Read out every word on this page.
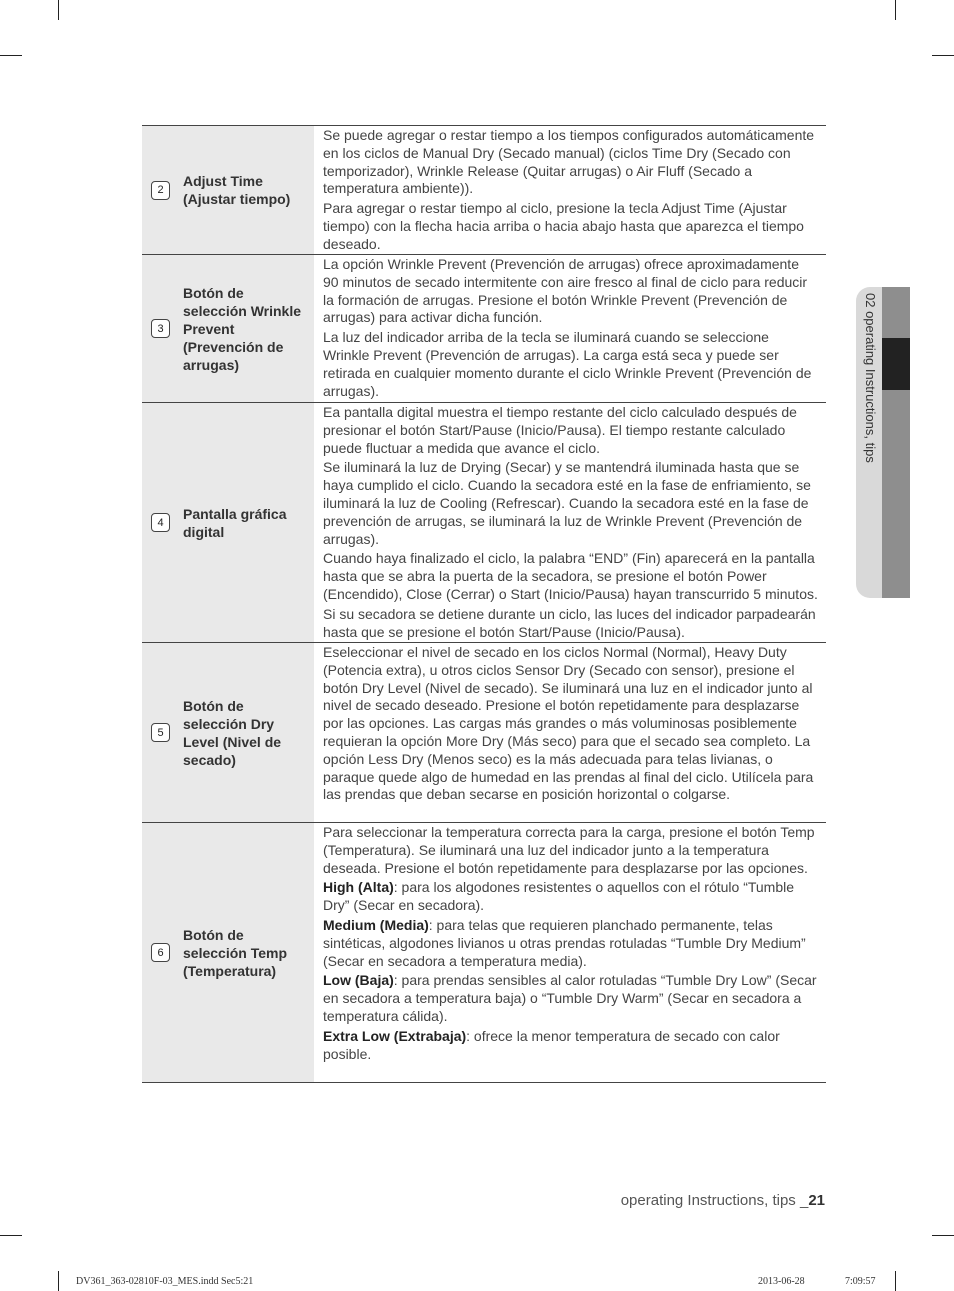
2
Adjust Time (Ajustar tiempo)

Se puede agregar o restar tiempo a los tiempos configurados automáticamente en los ciclos de Manual Dry (Secado manual) (ciclos Time Dry (Secado con temporizador), Wrinkle Release (Quitar arrugas) o Air Fluff (Secado a temperatura ambiente)).

Para agregar o restar tiempo al ciclo, presione la tecla Adjust Time (Ajustar tiempo) con la flecha hacia arriba o hacia abajo hasta que aparezca el tiempo deseado.

3
Botón de selección Wrinkle Prevent (Prevención de arrugas)

La opción Wrinkle Prevent (Prevención de arrugas) ofrece aproximadamente 90 minutos de secado intermitente con aire fresco al final de ciclo para reducir la formación de arrugas. Presione el botón Wrinkle Prevent (Prevención de arrugas) para activar dicha función.

La luz del indicador arriba de la tecla se iluminará cuando se seleccione Wrinkle Prevent (Prevención de arrugas). La carga está seca y puede ser retirada en cualquier momento durante el ciclo Wrinkle Prevent (Prevención de arrugas).

4
Pantalla gráfica digital

Ea pantalla digital muestra el tiempo restante del ciclo calculado después de presionar el botón Start/Pause (Inicio/Pausa). El tiempo restante calculado puede fluctuar a medida que avance el ciclo.

Se iluminará la luz de Drying (Secar) y se mantendrá iluminada hasta que se haya cumplido el ciclo. Cuando la secadora esté en la fase de enfriamiento, se iluminará la luz de Cooling (Refrescar). Cuando la secadora esté en la fase de prevención de arrugas, se iluminará la luz de Wrinkle Prevent (Prevención de arrugas).

Cuando haya finalizado el ciclo, la palabra “END” (Fin) aparecerá en la pantalla hasta que se abra la puerta de la secadora, se presione el botón Power (Encendido), Close (Cerrar) o Start (Inicio/Pausa) hayan transcurrido 5 minutos.

Si su secadora se detiene durante un ciclo, las luces del indicador parpadearán hasta que se presione el botón Start/Pause (Inicio/Pausa).

5
Botón de selección Dry Level (Nivel de secado)

Eseleccionar el nivel de secado en los ciclos Normal (Normal), Heavy Duty (Potencia extra), u otros ciclos Sensor Dry (Secado con sensor), presione el botón Dry Level (Nivel de secado). Se iluminará una luz en el indicador junto al nivel de secado deseado. Presione el botón repetidamente para desplazarse por las opciones. Las cargas más grandes o más voluminosas posiblemente requieran la opción More Dry (Más seco) para que el secado sea completo. La opción Less Dry (Menos seco) es la más adecuada para telas livianas, o paraque quede algo de humedad en las prendas al final del ciclo. Utilícela para las prendas que deban secarse en posición horizontal o colgarse.

6
Botón de selección Temp (Temperatura)

Para seleccionar la temperatura correcta para la carga, presione el botón Temp (Temperatura). Se iluminará una luz del indicador junto a la temperatura deseada. Presione el botón repetidamente para desplazarse por las opciones.

High (Alta): para los algodones resistentes o aquellos con el rótulo “Tumble Dry” (Secar en secadora).

Medium (Media): para telas que requieren planchado permanente, telas sintéticas, algodones livianos u otras prendas rotuladas “Tumble Dry Medium” (Secar en secadora a temperatura media).

Low (Baja): para prendas sensibles al calor rotuladas “Tumble Dry Low” (Secar en secadora a temperatura baja) o “Tumble Dry Warm” (Secar en secadora a temperatura cálida).

Extra Low (Extrabaja): ofrece la menor temperatura de secado con calor posible.

02 operating Instructions, tips
operating Instructions, tips _21
DV361_363-02810F-03_MES.indd Sec5:21	2013-06-28	7:09:57
